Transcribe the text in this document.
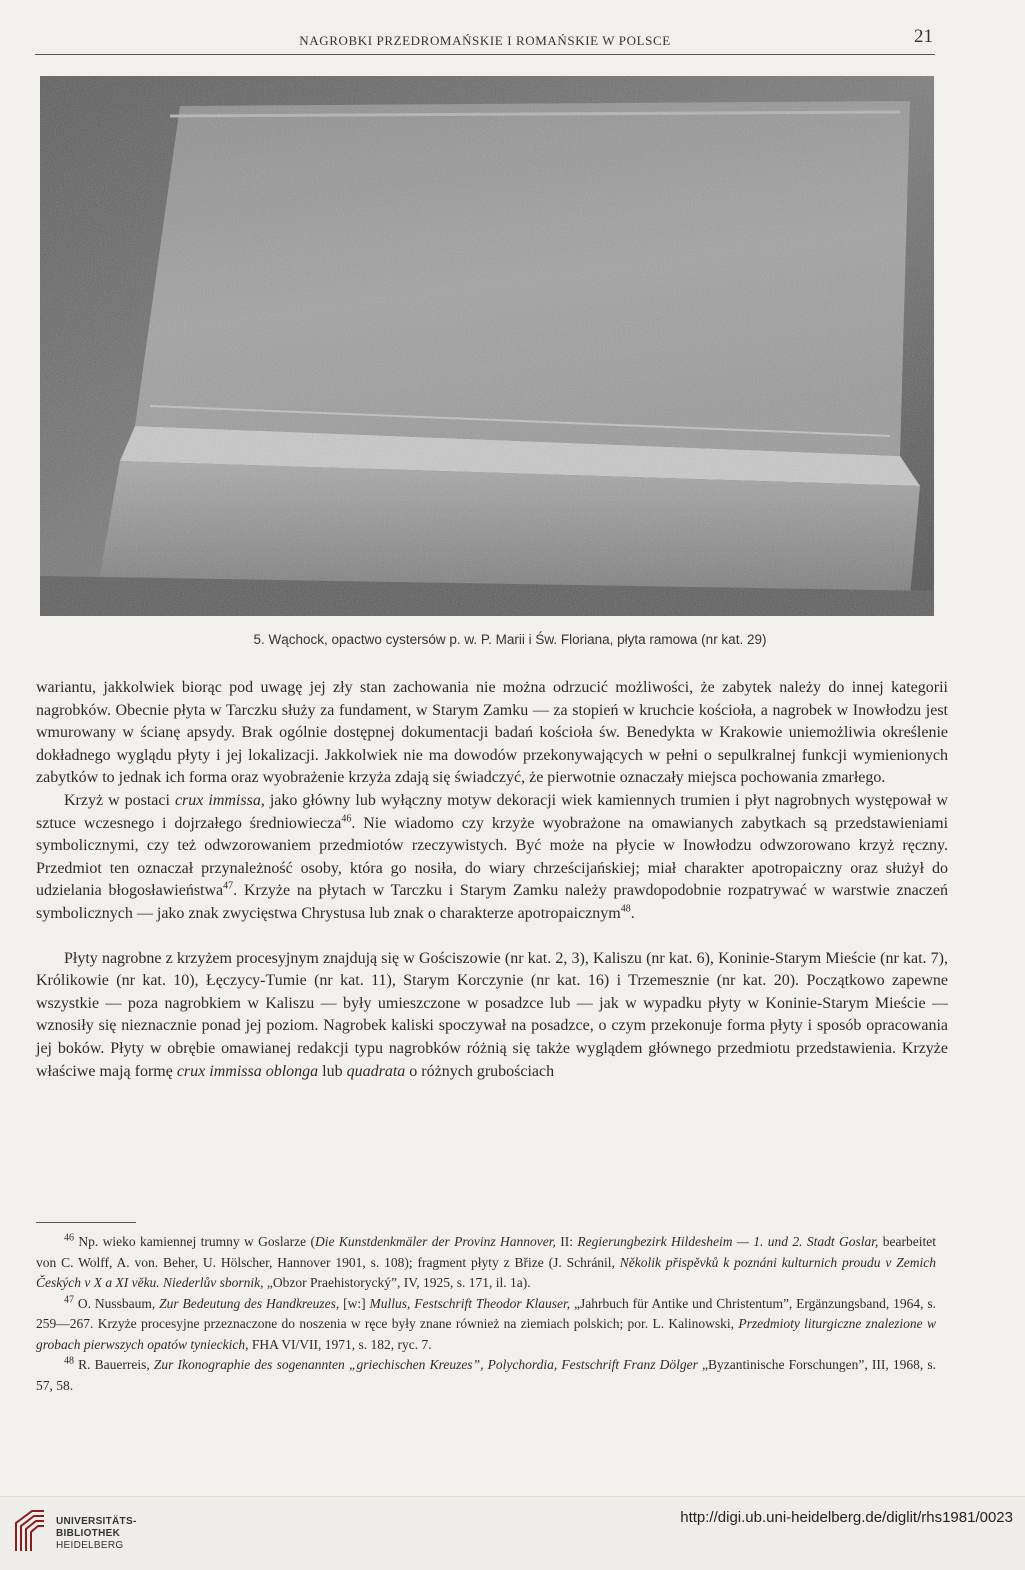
NAGROBKI PRZEDROMAŃSKIE I ROMAŃSKIE W POLSCE	21
5. Wąchock, opactwo cystersów p. w. P. Marii i Św. Floriana, płyta ramowa (nr kat. 29)

wariantu, jakkolwiek biorąc pod uwagę jej zły stan zachowania nie można odrzucić możliwości, że zabytek należy do innej kategorii nagrobków. Obecnie płyta w Tarczku służy za fundament, w Starym Zamku — za stopień w kruchcie kościoła, a nagrobek w Inowłodzu jest wmurowany w ścianę apsydy. Brak ogólnie dostępnej dokumentacji badań kościoła św. Benedykta w Krakowie uniemożliwia określenie dokładnego wyglądu płyty i jej lokalizacji. Jakkolwiek nie ma dowodów przekonywających w pełni o sepulkralnej funkcji wymienionych zabytków to jednak ich forma oraz wyobrażenie krzyża zdają się świadczyć, że pierwotnie oznaczały miejsca pochowania zmarłego.

Krzyż w postaci crux immissa, jako główny lub wyłączny motyw dekoracji wiek kamiennych trumien i płyt nagrobnych występował w sztuce wczesnego i dojrzałego średniowiecza$^{46}$. Nie wiadomo czy krzyże wyobrażone na omawianych zabytkach są przedstawieniami symbolicznymi, czy też odwzorowaniem przedmiotów rzeczywistych. Być może na płycie w Inowłodzu odwzorowano krzyż ręczny. Przedmiot ten oznaczał przynależność osoby, która go nosiła, do wiary chrześcijańskiej; miał charakter apotropaiczny oraz służył do udzielania błogosławieństwa$^{47}$. Krzyże na płytach w Tarczku i Starym Zamku należy prawdopodobnie rozpatrywać w warstwie znaczeń symbolicznych — jako znak zwycięstwa Chrystusa lub znak o charakterze apotropaicznym$^{48}$.

Płyty nagrobne z krzyżem procesyjnym znajdują się w Gościszowie (nr kat. 2, 3), Kaliszu (nr kat. 6), Koninie-Starym Mieście (nr kat. 7), Królikowie (nr kat. 10), Łęczycy-Tumie (nr kat. 11), Starym Korczynie (nr kat. 16) i Trzemesznie (nr kat. 20). Początkowo zapewne wszystkie — poza nagrobkiem w Kaliszu — były umieszczone w posadzce lub — jak w wypadku płyty w Koninie-Starym Mieście — wznosiły się nieznacznie ponad jej poziom. Nagrobek kaliski spoczywał na posadzce, o czym przekonuje forma płyty i sposób opracowania jej boków. Płyty w obrębie omawianej redakcji typu nagrobków różnią się także wyglądem głównego przedmiotu przedstawienia. Krzyże właściwe mają formę crux immissa oblonga lub quadrata o różnych grubościach

$^{46}$ Np. wieko kamiennej trumny w Goslarze (Die Kunstdenkmäler der Provinz Hannover, II: Regierungbezirk Hildesheim — 1. und 2. Stadt Goslar, bearbeitet von C. Wolff, A. von. Beher, U. Hölscher, Hannover 1901, s. 108); fragment płyty z Břize (J. Schránil, Několik přispěvků k poznáni kulturnich proudu v Zemich Českých v X a XI věku. Niederlův sbornik, „Obzor Praehistorycký”, IV, 1925, s. 171, il. 1a).

$^{47}$ O. Nussbaum, Zur Bedeutung des Handkreuzes, [w:] Mullus, Festschrift Theodor Klauser, „Jahrbuch für Antike und Christentum”, Ergänzungsband, 1964, s. 259—267. Krzyże procesyjne przeznaczone do noszenia w ręce były znane również na ziemiach polskich; por. L. Kalinowski, Przedmioty liturgiczne znalezione w grobach pierwszych opatów tynieckich, FHA VI/VII, 1971, s. 182, ryc. 7.

$^{48}$ R. Bauerreis, Zur Ikonographie des sogenannten „griechischen Kreuzes”, Polychordia, Festschrift Franz Dölger „Byzantinische Forschungen”, III, 1968, s. 57, 58.

UNIVERSITÄTS-
BIBLIOTHEK
HEIDELBERG
http://digi.ub.uni-heidelberg.de/diglit/rhs1981/0023
